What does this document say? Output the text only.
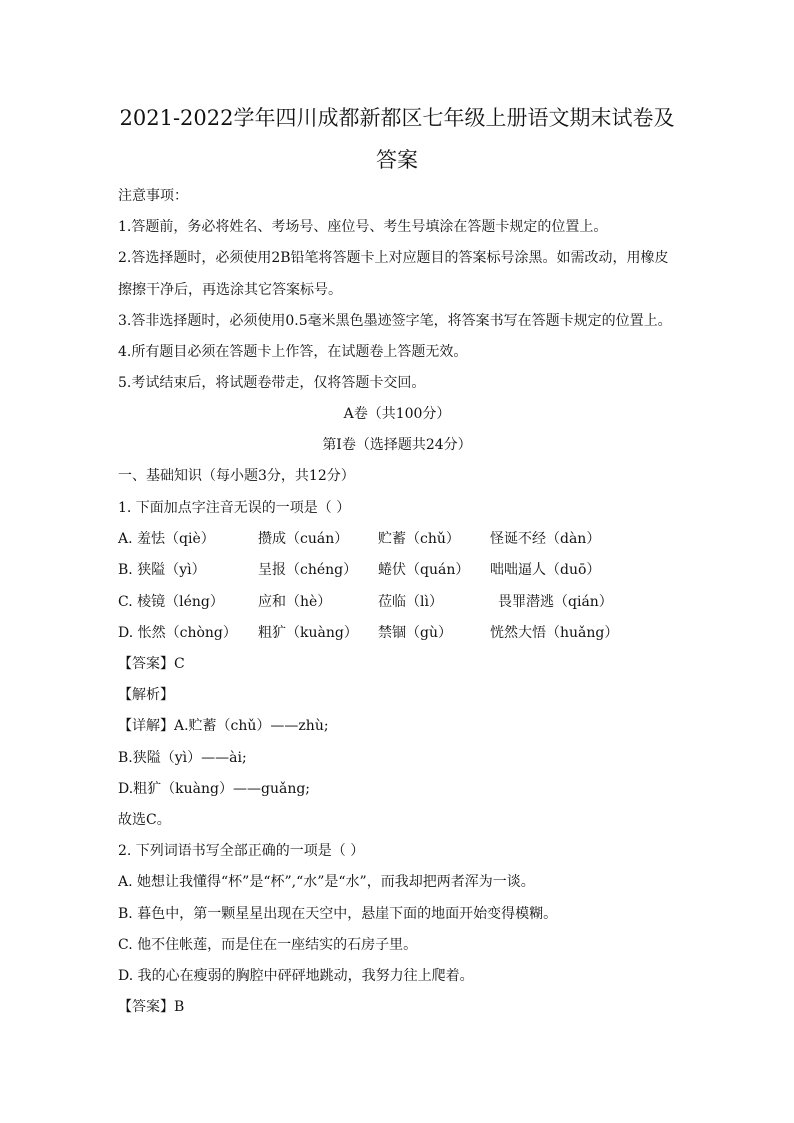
2021-2022学年四川成都新都区七年级上册语文期末试卷及
答案
注意事项：
1.答题前，务必将姓名、考场号、座位号、考生号填涂在答题卡规定的位置上。
2.答选择题时，必须使用2B铅笔将答题卡上对应题目的答案标号涂黑。如需改动，用橡皮
擦擦干净后，再选涂其它答案标号。
3.答非选择题时，必须使用0.5毫米黑色墨迹签字笔，将答案书写在答题卡规定的位置上。
4.所有题目必须在答题卡上作答，在试题卷上答题无效。
5.考试结束后，将试题卷带走，仅将答题卡交回。
A卷（共100分）
第Ⅰ卷（选择题共24分）
一、基础知识（每小题3分，共12分）
1. 下面加点字注音无误的一项是（ ）
A. 羞怯（qiè）	攒成（cuán） 贮蓄（chǔ） 怪诞不经（dàn）
B. 狭隘（yì）	呈报（chéng） 蜷伏（quán） 咄咄逼人（duō）
C. 棱镜（léng） 应和（hè）	莅临（lì）	畏罪潜逃（qián）
D. 怅然（chòng） 粗犷（kuàng） 禁锢（gù）	恍然大悟（huǎng）
【答案】C
【解析】
【详解】A.贮蓄（chǔ）——zhù;
B.狭隘（yì）——ài;
D.粗犷（kuàng）——guǎng;
故选C。
2. 下列词语书写全部正确的一项是（ ）
A. 她想让我懂得“杯”是“杯”,“水”是“水”，而我却把两者浑为一谈。
B. 暮色中，第一颗星星出现在天空中，悬崖下面的地面开始变得模糊。
C. 他不住帐莲，而是住在一座结实的石房子里。
D. 我的心在瘦弱的胸腔中砰砰地跳动，我努力往上爬着。
【答案】B
